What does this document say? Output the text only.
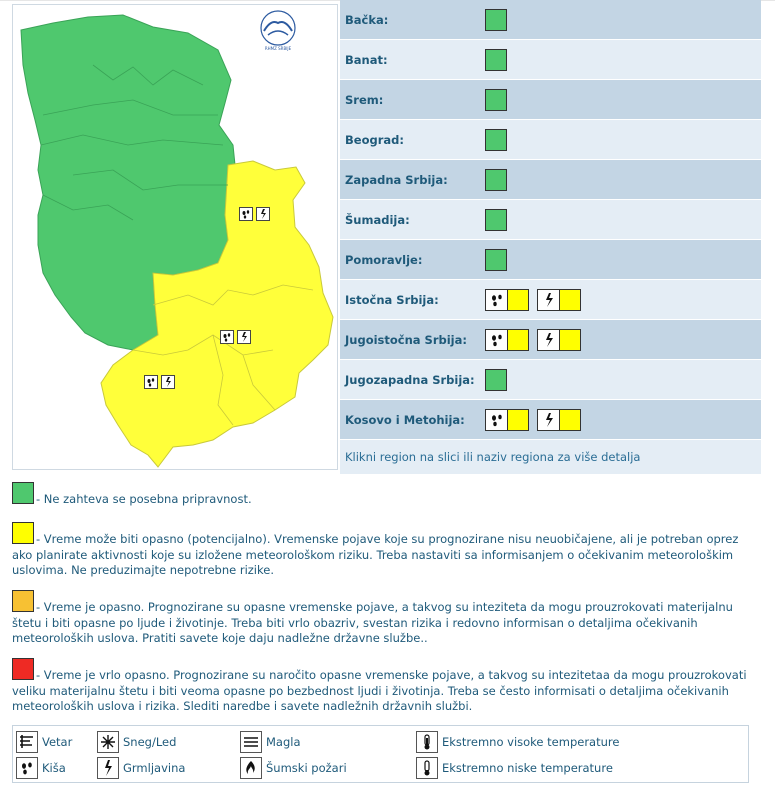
RHMZ SRBIJE
Bačka:
Banat:
Srem:
Beograd:
Zapadna Srbija:
Šumadija:
Pomoravlje:
Istočna Srbija:
Jugoistočna Srbija:
Jugozapadna Srbija:
Kosovo i Metohija:
Klikni region na slici ili naziv regiona za više detalja
- Ne zahteva se posebna pripravnost.
- Vreme može biti opasno (potencijalno). Vremenske pojave koje su prognozirane nisu neuobičajene, ali je potreban oprez ako planirate aktivnosti koje su izložene meteorološkom riziku. Treba nastaviti sa informisanjem o očekivanim meteorološkim uslovima. Ne preduzimajte nepotrebne rizike.
- Vreme je opasno. Prognozirane su opasne vremenske pojave, a takvog su inteziteta da mogu prouzrokovati materijalnu štetu i biti opasne po ljude i životinje. Treba biti vrlo obazriv, svestan rizika i redovno informisan o detaljima očekivanih meteoroloških uslova. Pratiti savete koje daju nadležne državne službe..
- Vreme je vrlo opasno. Prognozirane su naročito opasne vremenske pojave, a takvog su intezitetaa da mogu prouzrokovati veliku materijalnu štetu i biti veoma opasne po bezbednost ljudi i životinja. Treba se često informisati o detaljima očekivanih meteoroloških uslova i rizika. Slediti naredbe i savete nadležnih državnih službi.
Vetar	Sneg/Led	Magla	Ekstremno visoke temperature
Kiša	Grmljavina	Šumski požari	Ekstremno niske temperature
